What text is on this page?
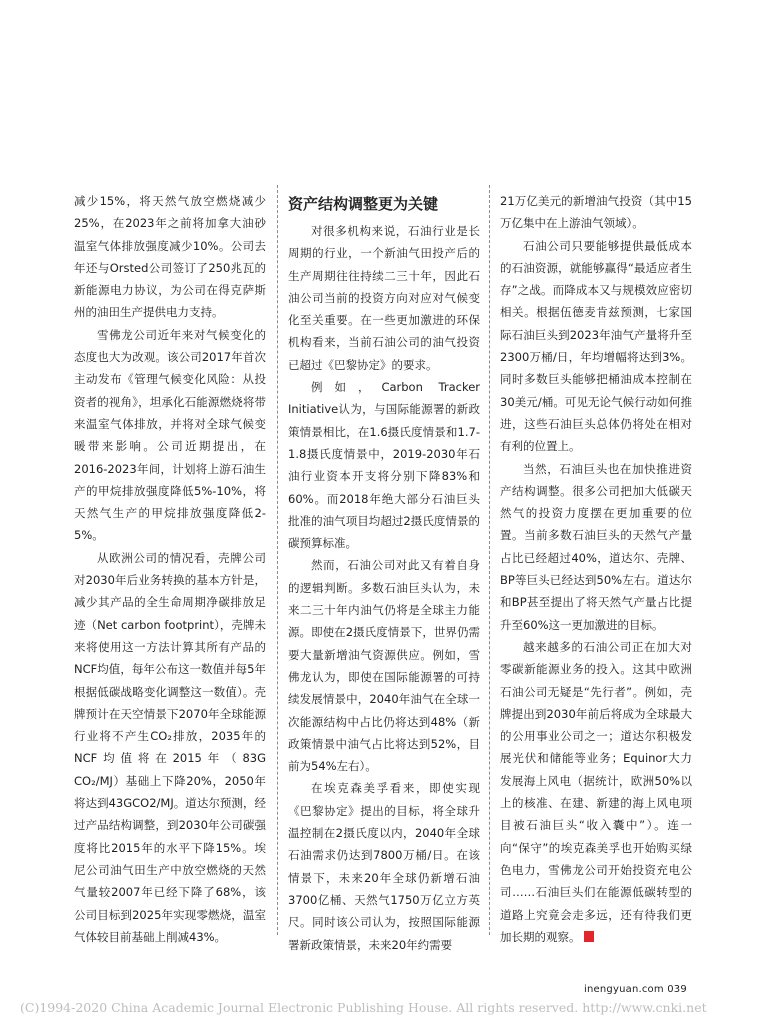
减少15%，将天然气放空燃烧减少25%，在2023年之前将加拿大油砂温室气体排放强度减少10%。公司去年还与Orsted公司签订了250兆瓦的新能源电力协议，为公司在得克萨斯州的油田生产提供电力支持。

雪佛龙公司近年来对气候变化的态度也大为改观。该公司2017年首次主动发布《管理气候变化风险：从投资者的视角》，坦承化石能源燃烧将带来温室气体排放，并将对全球气候变暖带来影响。公司近期提出，在2016-2023年间，计划将上游石油生产的甲烷排放强度降低5%-10%，将天然气生产的甲烷排放强度降低2-5%。

从欧洲公司的情况看，壳牌公司对2030年后业务转换的基本方针是，减少其产品的全生命周期净碳排放足迹（Net carbon footprint），壳牌未来将使用这一方法计算其所有产品的NCF均值，每年公布这一数值并每5年根据低碳战略变化调整这一数值）。壳牌预计在天空情景下2070年全球能源行业将不产生CO₂排放，2035年的NCF均值将在2015年（83G CO₂/MJ）基础上下降20%，2050年将达到43GCO2/MJ。道达尔预测，经过产品结构调整，到2030年公司碳强度将比2015年的水平下降15%。埃尼公司油气田生产中放空燃烧的天然气量较2007年已经下降了68%，该公司目标到2025年实现零燃烧，温室气体较目前基础上削减43%。

资产结构调整更为关键

对很多机构来说，石油行业是长周期的行业，一个新油气田投产后的生产周期往往持续二三十年，因此石油公司当前的投资方向对应对气候变化至关重要。在一些更加激进的环保机构看来，当前石油公司的油气投资已超过《巴黎协定》的要求。

例如，Carbon Tracker Initiative认为，与国际能源署的新政策情景相比，在1.6摄氏度情景和1.7-1.8摄氏度情景中，2019-2030年石油行业资本开支将分别下降83%和60%。而2018年绝大部分石油巨头批准的油气项目均超过2摄氏度情景的碳预算标准。

然而，石油公司对此又有着自身的逻辑判断。多数石油巨头认为，未来二三十年内油气仍将是全球主力能源。即使在2摄氏度情景下，世界仍需要大量新增油气资源供应。例如，雪佛龙认为，即使在国际能源署的可持续发展情景中，2040年油气在全球一次能源结构中占比仍将达到48%（新政策情景中油气占比将达到52%，目前为54%左右）。

在埃克森美孚看来，即使实现《巴黎协定》提出的目标，将全球升温控制在2摄氏度以内，2040年全球石油需求仍达到7800万桶/日。在该情景下，未来20年全球仍新增石油3700亿桶、天然气1750万亿立方英尺。同时该公司认为，按照国际能源署新政策情景，未来20年约需要

21万亿美元的新增油气投资（其中15万亿集中在上游油气领域）。

石油公司只要能够提供最低成本的石油资源，就能够赢得“最适应者生存”之战。而降成本又与规模效应密切相关。根据伍德麦肯兹预测，七家国际石油巨头到2023年油气产量将升至2300万桶/日，年均增幅将达到3%。同时多数巨头能够把桶油成本控制在30美元/桶。可见无论气候行动如何推进，这些石油巨头总体仍将处在相对有利的位置上。

当然，石油巨头也在加快推进资产结构调整。很多公司把加大低碳天然气的投资力度摆在更加重要的位置。当前多数石油巨头的天然气产量占比已经超过40%，道达尔、壳牌、BP等巨头已经达到50%左右。道达尔和BP甚至提出了将天然气产量占比提升至60%这一更加激进的目标。

越来越多的石油公司正在加大对零碳新能源业务的投入。这其中欧洲石油公司无疑是“先行者”。例如，壳牌提出到2030年前后将成为全球最大的公用事业公司之一；道达尔积极发展光伏和储能等业务；Equinor大力发展海上风电（据统计，欧洲50%以上的核准、在建、新建的海上风电项目被石油巨头“收入囊中”）。连一向“保守”的埃克森美孚也开始购买绿色电力，雪佛龙公司开始投资充电公司……石油巨头们在能源低碳转型的道路上究竟会走多远，还有待我们更加长期的观察。

inengyuan.com 039
(C)1994-2020 China Academic Journal Electronic Publishing House. All rights reserved. http://www.cnki.net
